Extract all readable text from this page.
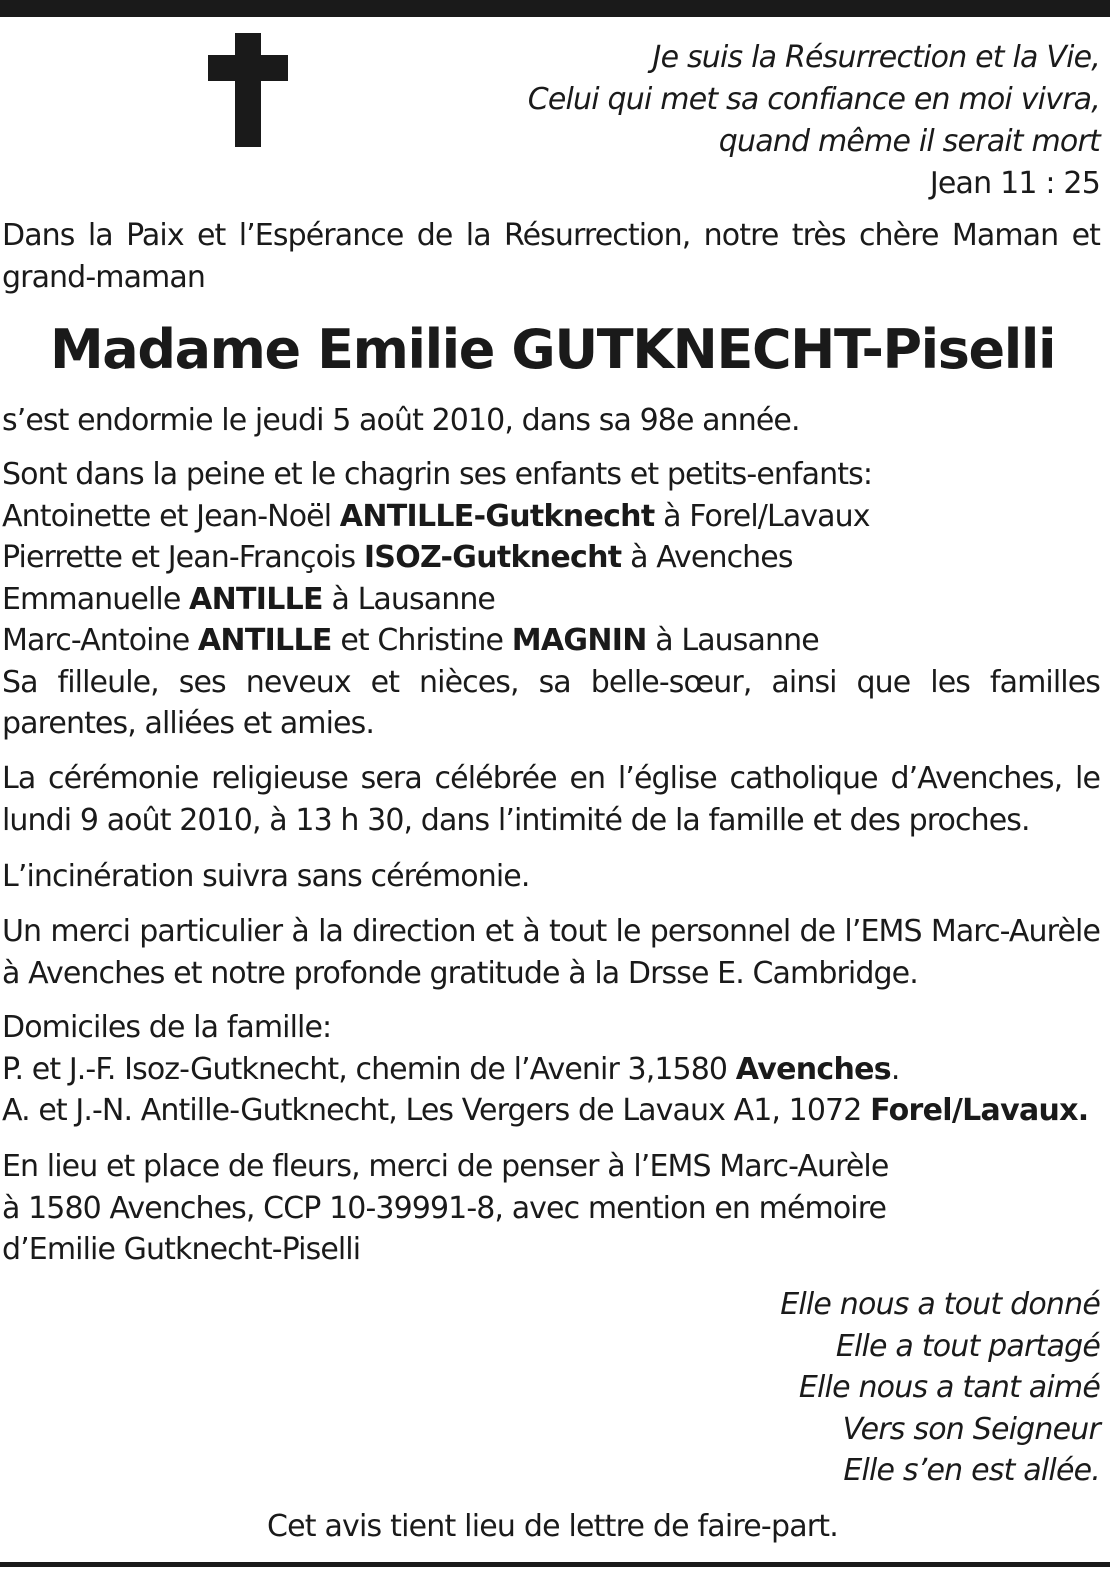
Je suis la Résurrection et la Vie,
Celui qui met sa confiance en moi vivra,
quand même il serait mort
Jean 11 : 25
Dans la Paix et l’Espérance de la Résurrection, notre très chère Maman et grand-maman
Madame Emilie GUTKNECHT-Piselli
s’est endormie le jeudi 5 août 2010, dans sa 98e année.
Sont dans la peine et le chagrin ses enfants et petits-enfants:
Antoinette et Jean-Noël ANTILLE-Gutknecht à Forel/Lavaux
Pierrette et Jean-François ISOZ-Gutknecht à Avenches
Emmanuelle ANTILLE à Lausanne
Marc-Antoine ANTILLE et Christine MAGNIN à Lausanne
Sa filleule, ses neveux et nièces, sa belle-sœur, ainsi que les familles parentes, alliées et amies.
La cérémonie religieuse sera célébrée en l’église catholique d’Avenches, le lundi 9 août 2010, à 13 h 30, dans l’intimité de la famille et des proches.
L’incinération suivra sans cérémonie.
Un merci particulier à la direction et à tout le personnel de l’EMS Marc-Aurèle à Avenches et notre profonde gratitude à la Drsse E. Cambridge.
Domiciles de la famille:
P. et J.-F. Isoz-Gutknecht, chemin de l’Avenir 3,1580 Avenches.
A. et J.-N. Antille-Gutknecht, Les Vergers de Lavaux A1, 1072 Forel/Lavaux.
En lieu et place de fleurs, merci de penser à l’EMS Marc-Aurèle
à 1580 Avenches, CCP 10-39991-8, avec mention en mémoire
d’Emilie Gutknecht-Piselli
Elle nous a tout donné
Elle a tout partagé
Elle nous a tant aimé
Vers son Seigneur
Elle s’en est allée.
Cet avis tient lieu de lettre de faire-part.
